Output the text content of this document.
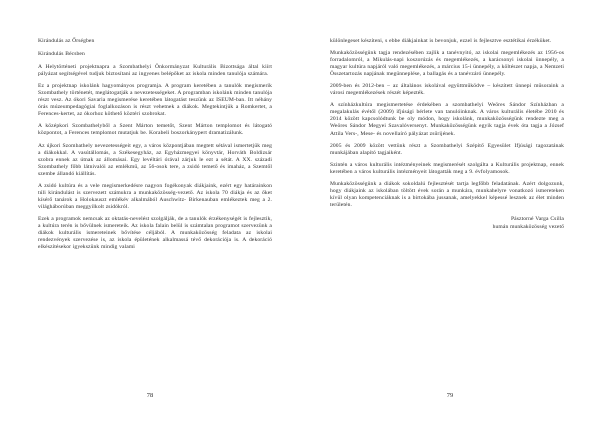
Kirándulás az Őrségben

Kirándulás Bécsben

A Helytörténeti projektnapra a Szombathelyi Önkormányzat Kulturális Bizottsága által kiírt pályázat segítségével tudjuk biztosítani az ingyenes belépőket az iskola minden tanulója számára.

Ez a projektnap iskolánk hagyományos programja. A program keretében a tanulók megismerik Szombathely történetét, meglátogatják a nevezetességeket. A programban iskolánk minden tanulója részt vesz. Az ókori Savaria megismerése keretében látogatást teszünk az ISEUM-ban. Itt néhány órás múzeumpedagógiai foglalkozáson is részt vehetnek a diákok. Megtekintjük a Romkertet, a Ferences-kertet, az ókorhoz köthető köztéri szobrokat.

A középkori Szombathelyből a Szent Márton temetőt, Szent Márton templomot és látogató központot, a Ferences templomot mutatjuk be. Korabeli boszorkánypert dramatizálunk.

Az újkori Szombathely nevezetességeit egy, a város központjában megtett sétával ismertetjük meg a diákokkal. A vasútállomás, a Székesegyház, az Egyházmegyei könyvtár, Horváth Boldizsár szobra ennek az útnak az állomásai. Egy levéltári órával zárjuk le ezt a sétát. A XX. századi Szombathely főbb látnivalói az emlékmű, az 56-osok tere, a zsidó temető és imaház, a Szemtől szembe állandó kiállítás.

A zsidó kultúra és a vele megismerkedésre nagyon fogékonyak diákjaink, ezért egy határainkon túli kirándulást is szervezett számukra a munkaközösség-vezető. Az iskola 70 diákja és az őket kísérő tanárok a Holokauszt emlékév alkalmából Auschwitz- Birkenauban emlékeztek meg a 2. világháborúban meggyilkolt zsidókról.

Ezek a programok nemcsak az oktatás-nevelést szolgálják, de a tanulók érzékenységét is fejlesztik, a kultúra terén is bővülnek ismereteik. Az iskola falain belül is számtalan programot szervezünk a diákok kulturális ismereteinek bővítése céljából. A munkaközösség feladata az iskolai rendezvények szervezése is, az iskola épületének alkalmassá tévő dekorációja is. A dekoráció elkészítésekor igyekszünk mindig valami

78

különlegeset készíteni, s ebbe diákjainkat is bevonjuk, ezzel is fejlesztve esztétikai érzéküket.

Munkaközösségünk tagja rendezésében zajlik a tanévnyitó, az iskolai megemlékezés az 1956-os forradalomról, a Mikulás-napi koszorúzás és megemlékezés, a karácsonyi iskolai ünnepély, a magyar kultúra napjáról való megemlékezés, a március 15-i ünnepély, a költészet napja, a Nemzeti Összetartozás napjának megünneplése, a ballagás és a tanévzáró ünnepély.

2009-ben és 2012-ben – az általános iskolával együttműködve – készített ünnepi műsoraink a városi megemlékezések részét képezték.

A színházkultúra megismertetése érdekében a szombathelyi Weöres Sándor Színházban a megalakulás évétől (2009) ifjúsági bérlete van tanulóinknak. A város kulturális életébe 2010 és 2014 között kapcsolódtunk be oly módon, hogy iskolánk, munkaközösségünk rendezte meg a Weöres Sándor Megyei Szavalóversenyt. Munkaközösségünk egyik tagja évek óta tagja a József Attila Vers-, Mese- és novellaíró pályázat zsűrijének.

2005 és 2009 között vettünk részt a Szombathelyi Szépítő Egyesület Ifjúsági tagozatának munkájában alapító tagjaiként.

Szintén a város kulturális intézményeinek megismerését szolgálta a Kulturális projektnap, ennek keretében a város kulturális intézményeit látogatták meg a 9. évfolyamosok.

Munkaközösségünk a diákok sokoldalú fejlesztését tartja legfőbb feladatának. Azért dolgozunk, hogy diákjaink az iskolában töltött évek során a munkára, munkahelyre vonatkozó ismereteken kívül olyan kompetenciáknak is a birtokába jussanak, amelyekkel képessé lesznek az élet minden területén.

Pásztorné Varga Csilla

humán munkaközösség vezető

79
